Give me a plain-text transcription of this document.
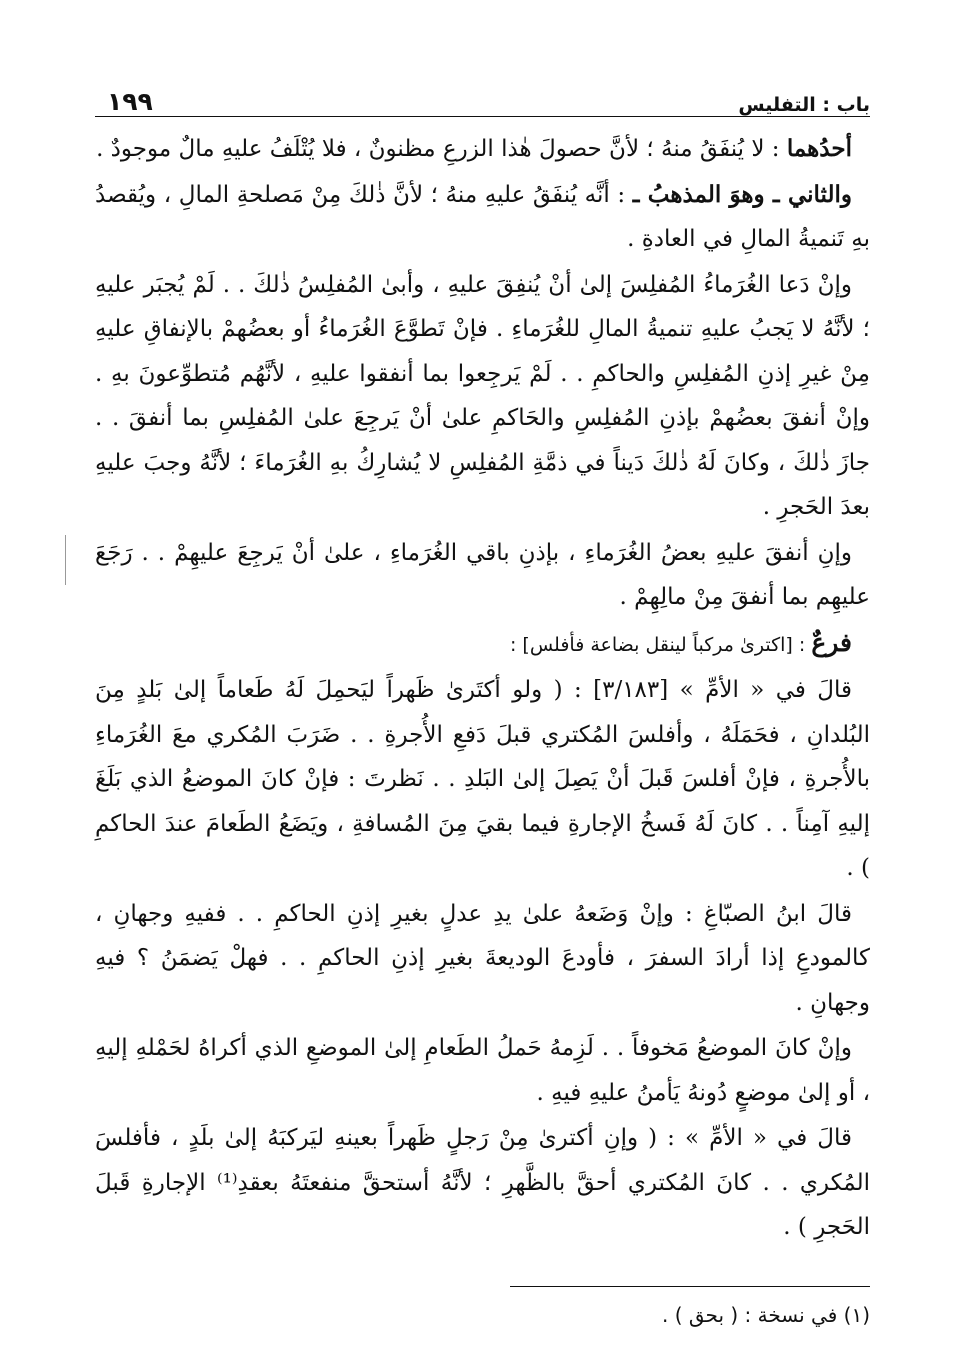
باب : التفليس
١٩٩

أحدُهما : لا يُنفَقُ منهُ ؛ لأنَّ حصولَ هٰذا الزرعِ مظنونٌ ، فلا يُتْلَفُ عليهِ مالٌ موجودٌ .

والثاني ـ وهوَ المذهبُ ـ : أنَّه يُنفَقُ عليهِ منهُ ؛ لأنَّ ذٰلكَ مِنْ مَصلحةِ المالِ ، ويُقصدُ بهِ تَنميةُ المالِ في العادةِ .

وإنْ دَعا الغُرَماءُ المُفلِسَ إلىٰ أنْ يُنفِقَ عليهِ ، وأبىٰ المُفلِسُ ذٰلكَ . . لَمْ يُجبَر عليهِ ؛ لأنَّهُ لا يَجبُ عليهِ تنميةُ المالِ للغُرَماءِ . فإنْ تَطوَّعَ الغُرَماءُ أو بعضُهمْ بالإنفاقِ عليهِ مِنْ غيرِ إذنِ المُفلِسِ والحاكمِ . . لَمْ يَرجِعوا بما أنفقوا عليهِ ، لأنَّهُم مُتطوِّعونَ بهِ . وإنْ أنفقَ بعضُهمْ بإذنِ المُفلِسِ والحَاكمِ علىٰ أنْ يَرجِعَ علىٰ المُفلِسِ بما أنفقَ . . جازَ ذٰلكَ ، وكانَ لَهُ ذٰلكَ دَيناً في ذمَّةِ المُفلِسِ لا يُشارِكُ بهِ الغُرَماءَ ؛ لأنَّهُ وجبَ عليهِ بعدَ الحَجرِ .

وإنِ أنفقَ عليهِ بعضُ الغُرَماءِ ، بإذنِ باقي الغُرَماءِ ، علىٰ أنْ يَرجِعَ عليهِمْ . . رَجَعَ عليهِم بما أنفقَ مِنْ مالِهِمْ .

فرعٌ : [اكترىٰ مركباً لينقل بضاعة فأفلس] :

قالَ في « الأمِّ » [٣/١٨٣] : ( ولو أكتَرىٰ ظَهراً ليَحمِلَ لَهُ طَعاماً إلىٰ بَلدٍ مِنَ البُلدانِ ، فحَمَلَهُ ، وأفلسَ المُكتري قبلَ دَفعِ الأُجرةِ . . ضَرَبَ المُكري معَ الغُرَماءِ بالأُجرةِ ، فإنْ أفلسَ قَبلَ أنْ يَصِلَ إلىٰ البَلدِ . . نَظرتَ : فإنْ كانَ الموضعُ الذي بَلَغَ إليهِ آمِناً . . كانَ لَهُ فَسخُ الإجارةِ فيما بقيَ مِنَ المُسافةِ ، ويَضَعُ الطَعامَ عندَ الحاكمِ ) .

قالَ ابنُ الصبّاغِ : وإنْ وَضَعهُ علىٰ يدِ عدلٍ بغيرِ إذنِ الحاكمِ . . ففيهِ وجهانِ ، كالمودعِ إذا أرادَ السفرَ ، فأودعَ الوديعةَ بغيرِ إذنِ الحاكمِ . . فهلْ يَضمَنُ ؟ فيهِ وجهانِ .

وإنْ كانَ الموضعُ مَخوفاً . . لَزِمهُ حَملُ الطَعامِ إلىٰ الموضعِ الذي أكراهُ لحَمْلهِ إليهِ ، أو إلىٰ موضعٍ دُونهُ يَأمنُ عليهِ فيهِ .

قالَ في « الأمِّ » : ( وإنِ أكترىٰ مِنْ رَجلٍ ظَهراً بعينهِ ليَركبَهُ إلىٰ بلَدٍ ، فأفلسَ المُكري . . كانَ المُكتري أحقَّ بالظَّهرِ ؛ لأنَّهُ أستحقَّ منفعتَهُ بعقدِ⁽¹⁾ الإجارةِ قَبلَ الحَجرِ ) .

(١) في نسخة : ( بحق ) .
